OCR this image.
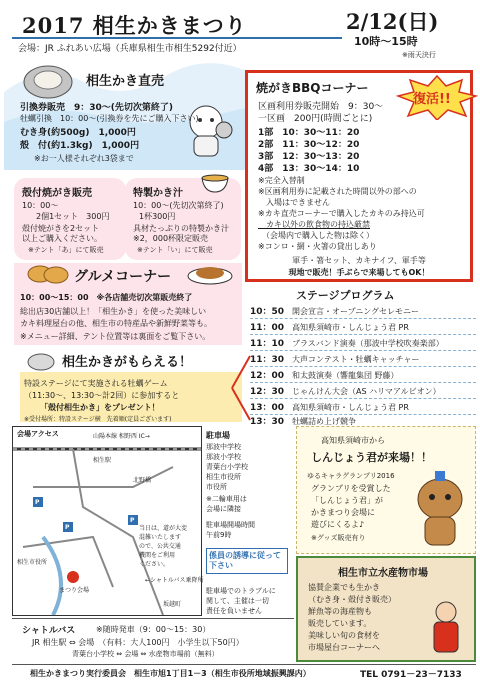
2017 相生かきまつり	2/12(日)
10時～15時
※雨天決行
会場：JR ふれあい広場（兵庫県相生市相生5292付近）
相生かき直売
引換券販売　9：30～(先切次第終了)
牡蠣引換　10：00～(引換券を先にご購入下さい)
むき身(約500g)　1,000円
殻　付(約1.3kg)　1,000円
※お一人様それぞれ3袋まで
焼がきBBQコーナー
区画利用券販売開始　9：30～
一区画　200円(時間ごとに)
1部　10：30～11：20
2部　11：30～12：20
3部　12：30～13：20
4部　13：30～14：10
※完全入替制
※区画利用券に記載された時間以外の部への
　入場はできません
※カキ直売コーナーで購入したカキのみ持込可
　カキ以外の飲食物の持込厳禁
　（会場内で購入した物は除く）
※コンロ・網・火箸の貸出しあり
軍手・箸セット、カキナイフ、軍手等
現地で販売！手ぶらで来場してもOK！
復活!!
殻付焼がき販売
10：00～
2個1セット　300円
殻付焼がきを2セット
以上ご購入ください。
※テント「あ」にて販売
特製かき汁
10：00～(先切次第終了)
1杯300円
具材たっぷりの特製かき汁
※2，000杯限定販売
※テント「い」にて販売
グルメコーナー
10：00～15：00　※各店舗売切次第販売終了
総出店30店舗以上！「相生かき」を使った美味しい
カキ料理屋台の他、相生市の特産品や新鮮野菜等も。
※メニュー詳細、テント位置等は裏面をご覧下さい。
ステージプログラム
10：50 開会宣言・オープニングセレモニー
11：00 高知県須崎市・しんじょう君 PR
11：10 ブラスバンド演奏（那波中学校吹奏楽部）
11：30 大声コンテスト・牡蠣キャッチャー
12：00 和太鼓演奏（響龍集団 野藤）
12：30 じゃんけん大会（AS ハリマアルビオン）
13：00 高知県須崎市・しんじょう君 PR
13：30 牡蠣詰め上げ競争
相生かきがもらえる！
特設ステージにて実施される牡蠣ゲーム
（11:30～、13:30～計2回）に参加すると
「殻付相生かき」をプレゼント！
※受付場所：特設ステージ横　先着順(定員ございます)
会場アクセス	山陽本線 相野西 IC→
相生駅
まつり会場
P
P
P
北野橋
相生市役所
←シャトルバス乗降所
坂越町
当日は、道が大変
混雑いたします
ので、公共交通
機関をご利用
ください。
駐車場
那波中学校
那波小学校
青葉台小学校
相生市役所
市役所
※二輪車用は
会場に隣接
駐車場開場時間
午前9時
係員の誘導に従って下さい
駐車場でのトラブルに
関して、主催は一切
責任を負いません
高知県須崎市から
しんじょう君が来場！！
ゆるキャラグランプリ2016
グランプリを受賞した
「しんじょう君」が
かきまつり会場に
遊びにくるよ♪
※グッズ販売有り
相生市立水産物市場
協賛企業でも生かき
（むき身・殻付き販売）
鮮魚等の海産物も
販売しています。
美味しい旬の食材を
市場屋台コーナーへ
シャトルバス	※随時発車（9：00～15：30）
JR 相生駅 ⇔ 会場　（有料：大人100円　小学生以下50円）
青葉台小学校 ⇔ 会場 ⇔ 水産物市場前（無料）
相生かきまつり実行委員会　相生市旭1丁目1－3（相生市役所地域振興課内）	TEL 0791－23－7133
